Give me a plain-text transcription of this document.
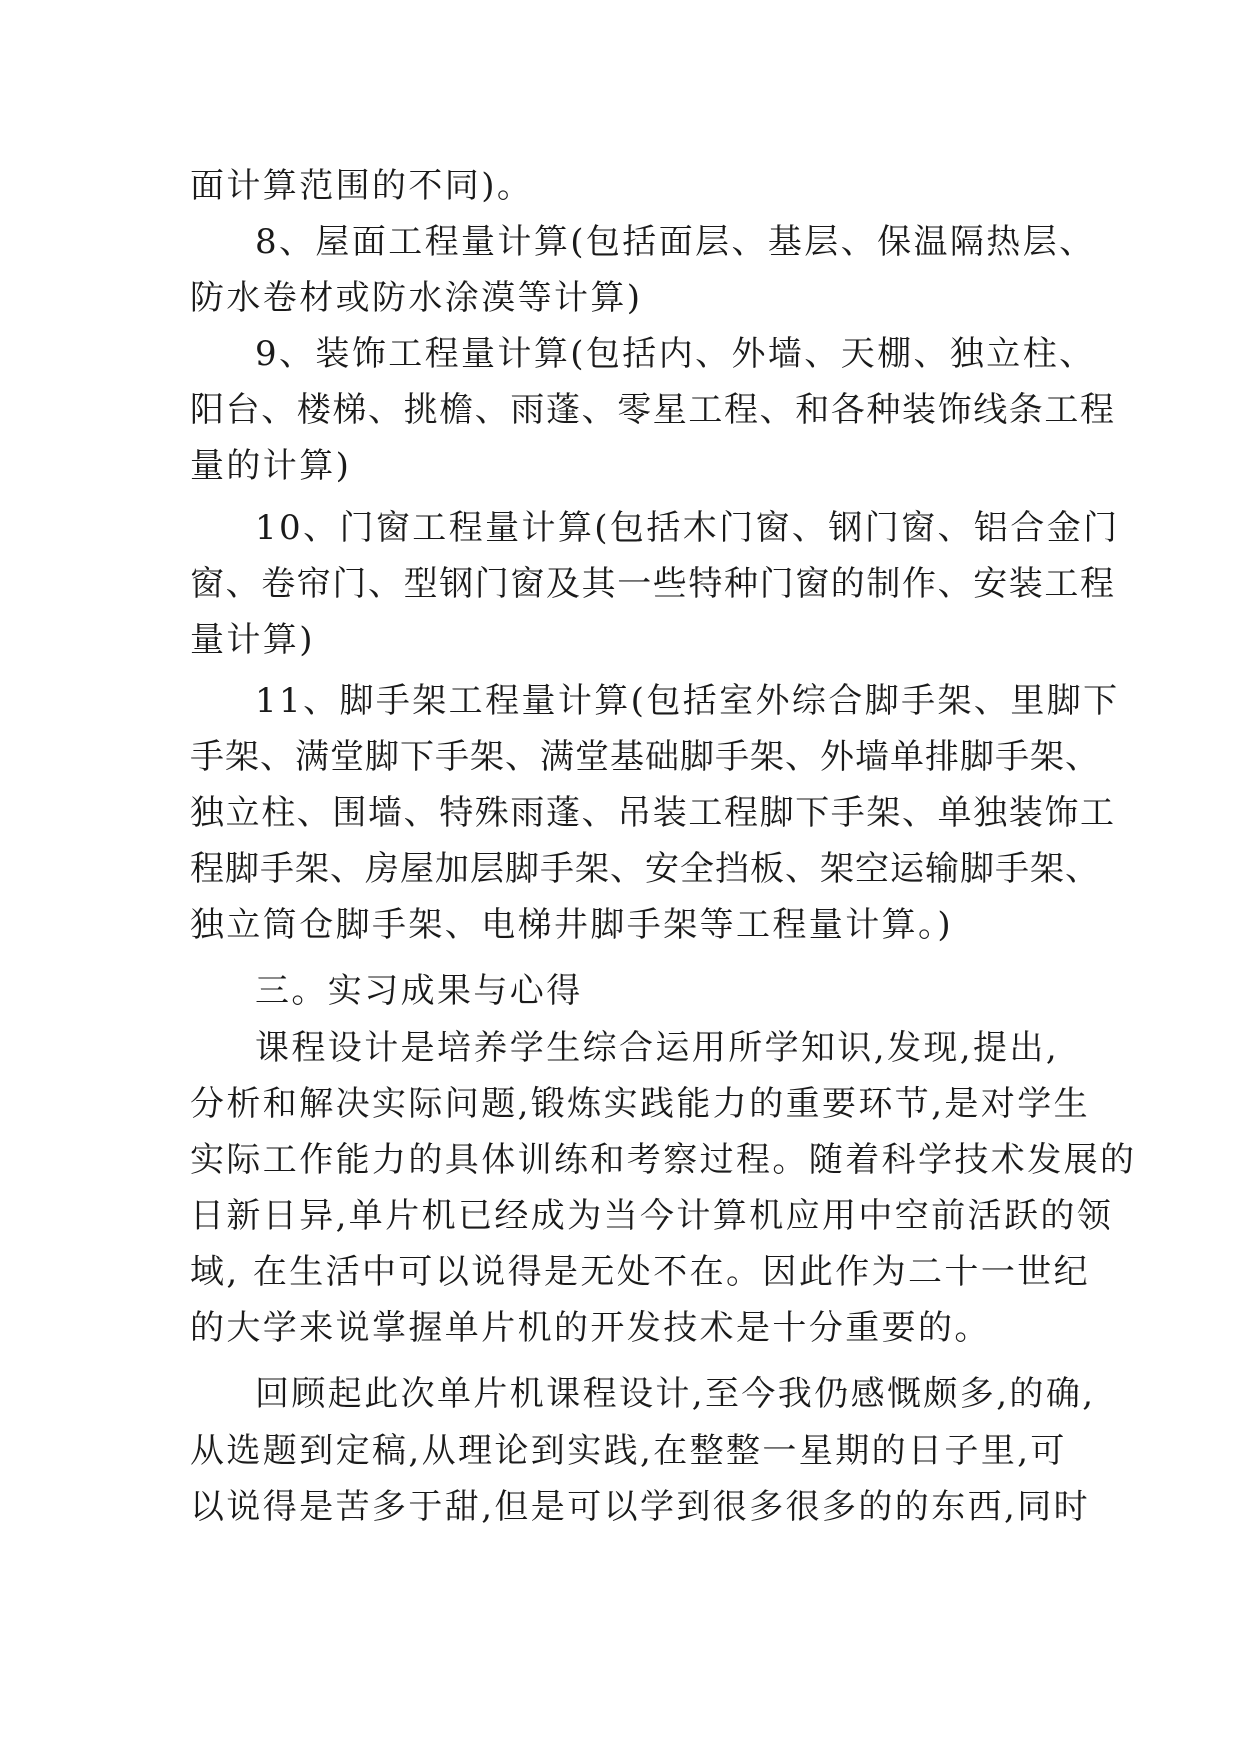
面计算范围的不同)。
8、屋面工程量计算(包括面层、基层、保温隔热层、
防水卷材或防水涂漠等计算)
9、装饰工程量计算(包括内、外墙、天棚、独立柱、
阳台、楼梯、挑檐、雨蓬、零星工程、和各种装饰线条工程
量的计算)
10、门窗工程量计算(包括木门窗、钢门窗、铝合金门
窗、卷帘门、型钢门窗及其一些特种门窗的制作、安装工程
量计算)
11、脚手架工程量计算(包括室外综合脚手架、里脚下
手架、满堂脚下手架、满堂基础脚手架、外墙单排脚手架、
独立柱、围墙、特殊雨蓬、吊装工程脚下手架、单独装饰工
程脚手架、房屋加层脚手架、安全挡板、架空运输脚手架、
独立筒仓脚手架、电梯井脚手架等工程量计算。)
三。实习成果与心得
课程设计是培养学生综合运用所学知识,发现,提出,
分析和解决实际问题,锻炼实践能力的重要环节,是对学生
实际工作能力的具体训练和考察过程。随着科学技术发展的
日新日异,单片机已经成为当今计算机应用中空前活跃的领
域, 在生活中可以说得是无处不在。因此作为二十一世纪
的大学来说掌握单片机的开发技术是十分重要的。
回顾起此次单片机课程设计,至今我仍感慨颇多,的确,
从选题到定稿,从理论到实践,在整整一星期的日子里,可
以说得是苦多于甜,但是可以学到很多很多的的东西,同时
